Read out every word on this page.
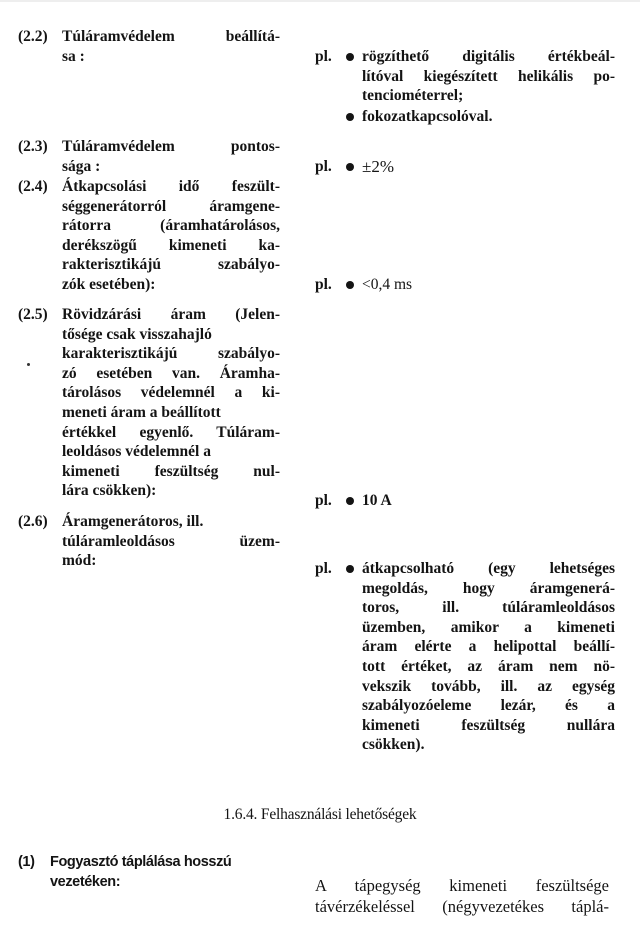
(2.2) Túláramvédelem beállítá-
sa :	pl. rögzíthető digitális értékbeál-
lítóval kiegészített helikális po-
tenciométerrel;
fokozatkapcsolóval.
(2.3) Túláramvédelem pontos-
sága :	pl. ±2%
(2.4) Átkapcsolási idő feszült-
séggenerátorról áramgene-
rátorra (áramhatárolásos,
derékszögű kimeneti ka-
rakterisztikájú szabályo-
zók esetében):	pl. <0,4 ms
(2.5) Rövidzárási áram (Jelen-
tősége csak visszahajló
karakterisztikájú szabályo-
zó esetében van. Áramha-
tárolásos védelemnél a ki-
meneti áram a beállított
értékkel egyenlő. Túláram-
leoldásos védelemnél a
kimeneti feszültség nul-
lára csökken):
pl. 10 A
(2.6) Áramgenerátoros, ill.
túláramleoldásos üzem-
mód:	pl. átkapcsolható (egy lehetséges
megoldás, hogy áramgenerá-
toros, ill. túláramleoldásos
üzemben, amikor a kimeneti
áram elérte a helipottal beállí-
tott értéket, az áram nem nö-
vekszik tovább, ill. az egység
szabályozóeleme lezár, és a
kimeneti feszültség nullára
csökken).
1.6.4. Felhasználási lehetőségek
(1) Fogyasztó táplálása hosszú
vezetéken:	A tápegység kimeneti feszültsége
távérzékeléssel (négyvezetékes táplá-
